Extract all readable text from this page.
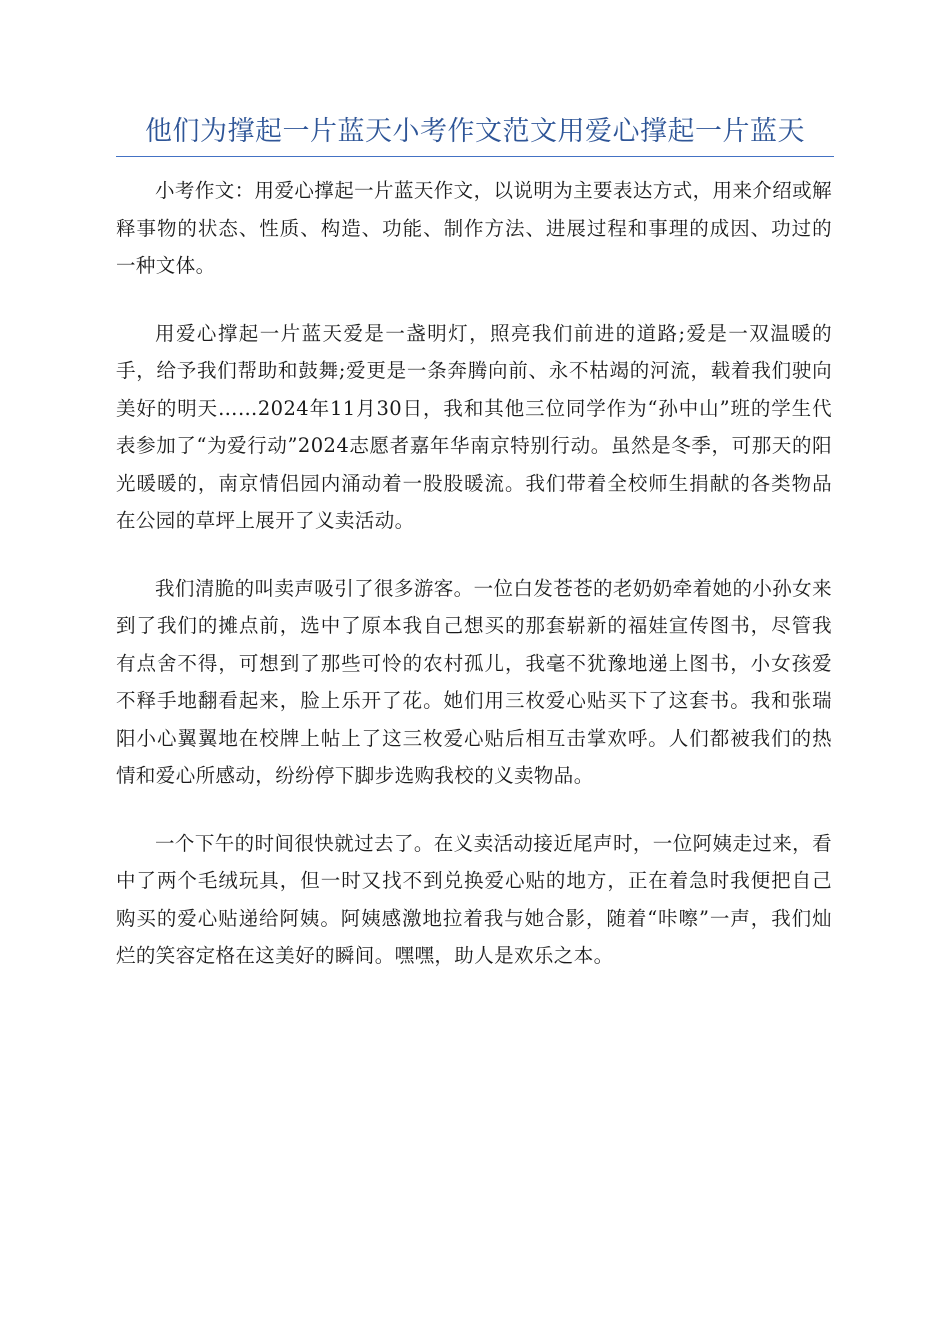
他们为撑起一片蓝天小考作文范文用爱心撑起一片蓝天

小考作文：用爱心撑起一片蓝天作文，以说明为主要表达方式，用来介绍或解释事物的状态、性质、构造、功能、制作方法、进展过程和事理的成因、功过的一种文体。

用爱心撑起一片蓝天爱是一盏明灯，照亮我们前进的道路;爱是一双温暖的手，给予我们帮助和鼓舞;爱更是一条奔腾向前、永不枯竭的河流，载着我们驶向美好的明天……2024年11月30日，我和其他三位同学作为“孙中山”班的学生代表参加了“为爱行动”2024志愿者嘉年华南京特别行动。虽然是冬季，可那天的阳光暖暖的，南京情侣园内涌动着一股股暖流。我们带着全校师生捐献的各类物品在公园的草坪上展开了义卖活动。

我们清脆的叫卖声吸引了很多游客。一位白发苍苍的老奶奶牵着她的小孙女来到了我们的摊点前，选中了原本我自己想买的那套崭新的福娃宣传图书，尽管我有点舍不得，可想到了那些可怜的农村孤儿，我毫不犹豫地递上图书，小女孩爱不释手地翻看起来，脸上乐开了花。她们用三枚爱心贴买下了这套书。我和张瑞阳小心翼翼地在校牌上帖上了这三枚爱心贴后相互击掌欢呼。人们都被我们的热情和爱心所感动，纷纷停下脚步选购我校的义卖物品。

一个下午的时间很快就过去了。在义卖活动接近尾声时，一位阿姨走过来，看中了两个毛绒玩具，但一时又找不到兑换爱心贴的地方，正在着急时我便把自己购买的爱心贴递给阿姨。阿姨感激地拉着我与她合影，随着“咔嚓”一声，我们灿烂的笑容定格在这美好的瞬间。嘿嘿，助人是欢乐之本。
